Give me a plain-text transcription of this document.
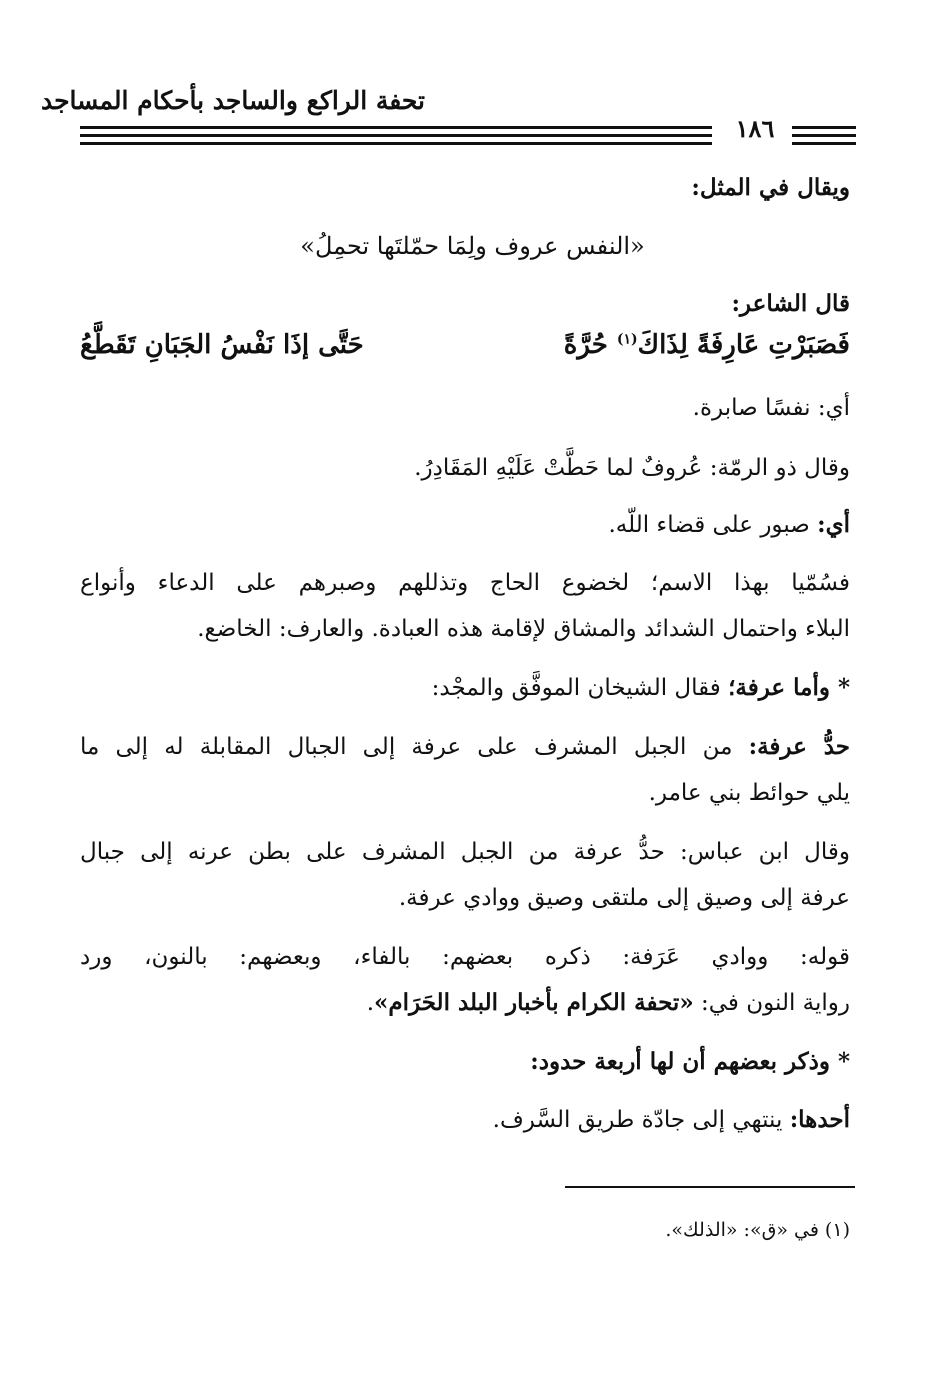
تحفة الراكع والساجد بأحكام المساجد
١٨٦
ويقال في المثل:
«النفس عروف ولِمَا حمّلتَها تحمِلُ»
قال الشاعر:
فَصَبَرْتِ عَارِفَةً لِذَاكَ$^{(١)}$ حُرَّةً
حَتَّى إذَا نَفْسُ الجَبَانِ تَقَطَّعُ
أي: نفسًا صابرة.
وقال ذو الرمّة: عُروفٌ لما حَطَّتْ عَلَيْهِ المَقَادِرُ.
أي: صبور على قضاء اللّه.
فسُمّيا بهذا الاسم؛ لخضوع الحاج وتذللهم وصبرهم على الدعاء وأنواع
البلاء واحتمال الشدائد والمشاق لإقامة هذه العبادة. والعارف: الخاضع.
* وأما عرفة؛ فقال الشيخان الموفَّق والمجْد:
حدُّ عرفة: من الجبل المشرف على عرفة إلى الجبال المقابلة له إلى ما
يلي حوائط بني عامر.
وقال ابن عباس: حدُّ عرفة من الجبل المشرف على بطن عرنه إلى جبال
عرفة إلى وصيق إلى ملتقى وصيق ووادي عرفة.
قوله: ووادي عَرَفة: ذكره بعضهم: بالفاء، وبعضهم: بالنون، ورد
رواية النون في: «تحفة الكرام بأخبار البلد الحَرَام».
* وذكر بعضهم أن لها أربعة حدود:
أحدها: ينتهي إلى جادّة طريق السَّرف.
(١) في «ق»: «الذلك».
